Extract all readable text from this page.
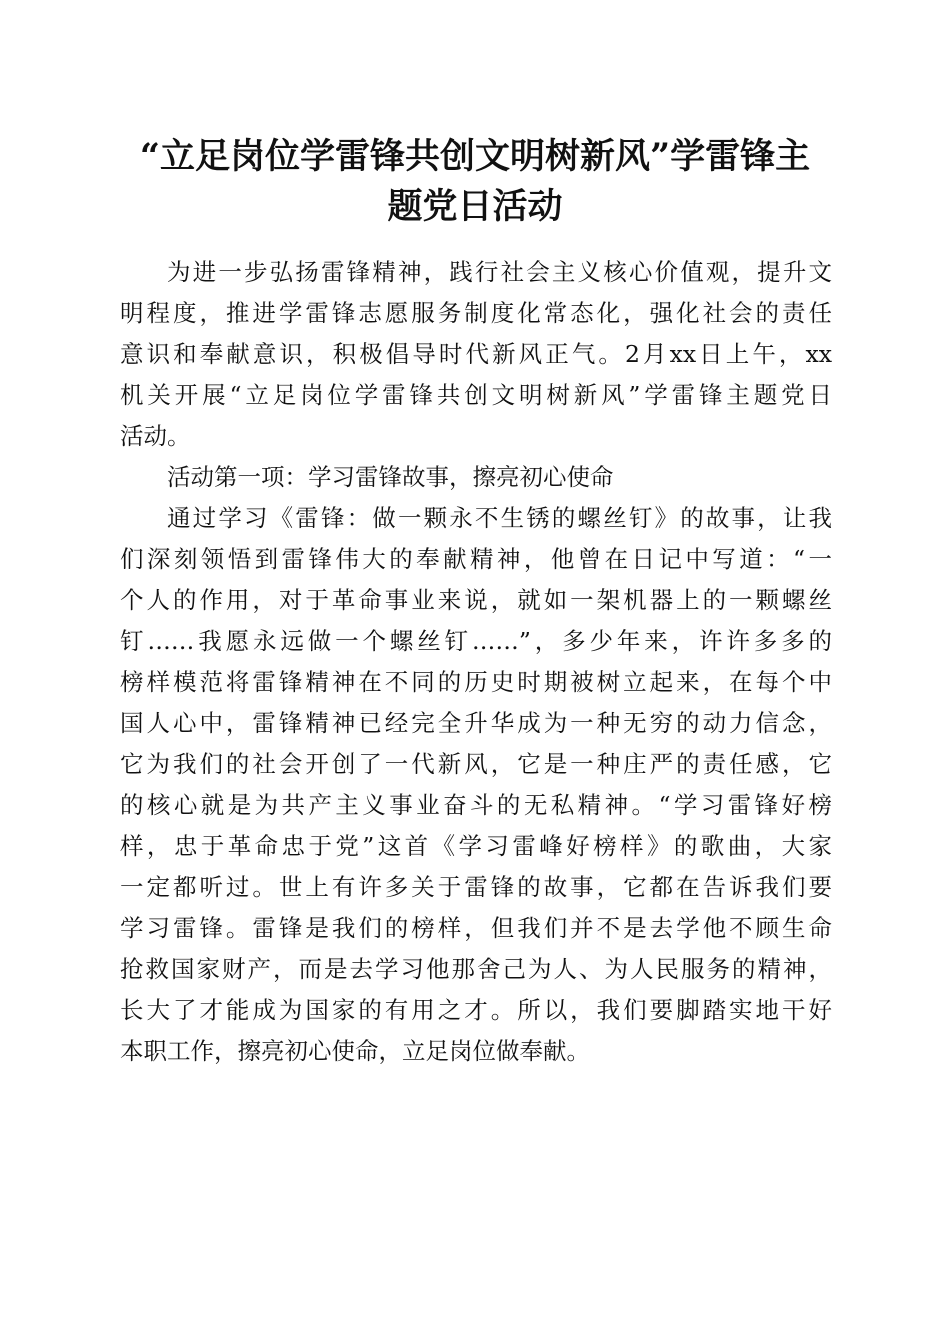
“立足岗位学雷锋共创文明树新风”学雷锋主
题党日活动

为进一步弘扬雷锋精神，践行社会主义核心价值观，提升文
明程度，推进学雷锋志愿服务制度化常态化，强化社会的责任
意识和奉献意识，积极倡导时代新风正气。2月xx日上午，xx
机关开展“立足岗位学雷锋共创文明树新风”学雷锋主题党日
活动。

活动第一项：学习雷锋故事，擦亮初心使命

通过学习《雷锋：做一颗永不生锈的螺丝钉》的故事，让我
们深刻领悟到雷锋伟大的奉献精神，他曾在日记中写道：“一
个人的作用，对于革命事业来说，就如一架机器上的一颗螺丝
钉……我愿永远做一个螺丝钉……”，多少年来，许许多多的
榜样模范将雷锋精神在不同的历史时期被树立起来，在每个中
国人心中，雷锋精神已经完全升华成为一种无穷的动力信念，
它为我们的社会开创了一代新风，它是一种庄严的责任感，它
的核心就是为共产主义事业奋斗的无私精神。“学习雷锋好榜
样，忠于革命忠于党”这首《学习雷峰好榜样》的歌曲，大家
一定都听过。世上有许多关于雷锋的故事，它都在告诉我们要
学习雷锋。雷锋是我们的榜样，但我们并不是去学他不顾生命
抢救国家财产，而是去学习他那舍己为人、为人民服务的精神，
长大了才能成为国家的有用之才。所以，我们要脚踏实地干好
本职工作，擦亮初心使命，立足岗位做奉献。
